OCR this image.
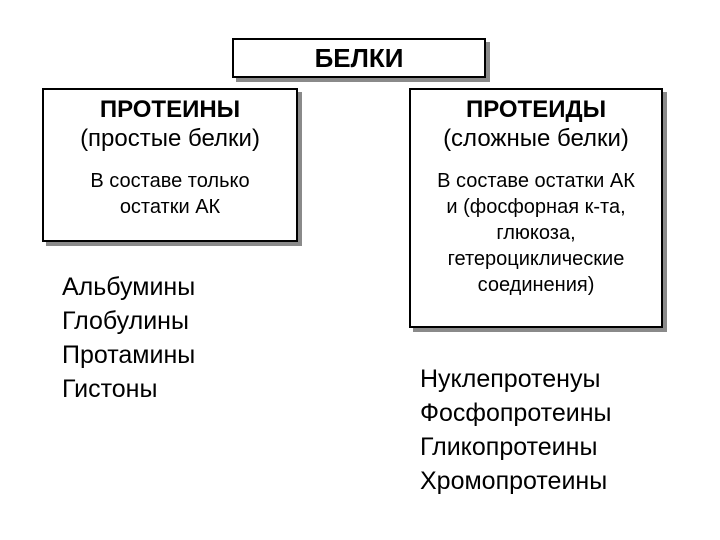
БЕЛКИ
ПРОТЕИНЫ
(простые белки)
В составе только
остатки АК
ПРОТЕИДЫ
(сложные белки)
В составе остатки АК
и (фосфорная к-та,
глюкоза,
гетероциклические
соединения)
Альбумины
Глобулины
Протамины
Гистоны	Нуклепротенуы
Фосфопротеины
Гликопротеины
Хромопротеины
